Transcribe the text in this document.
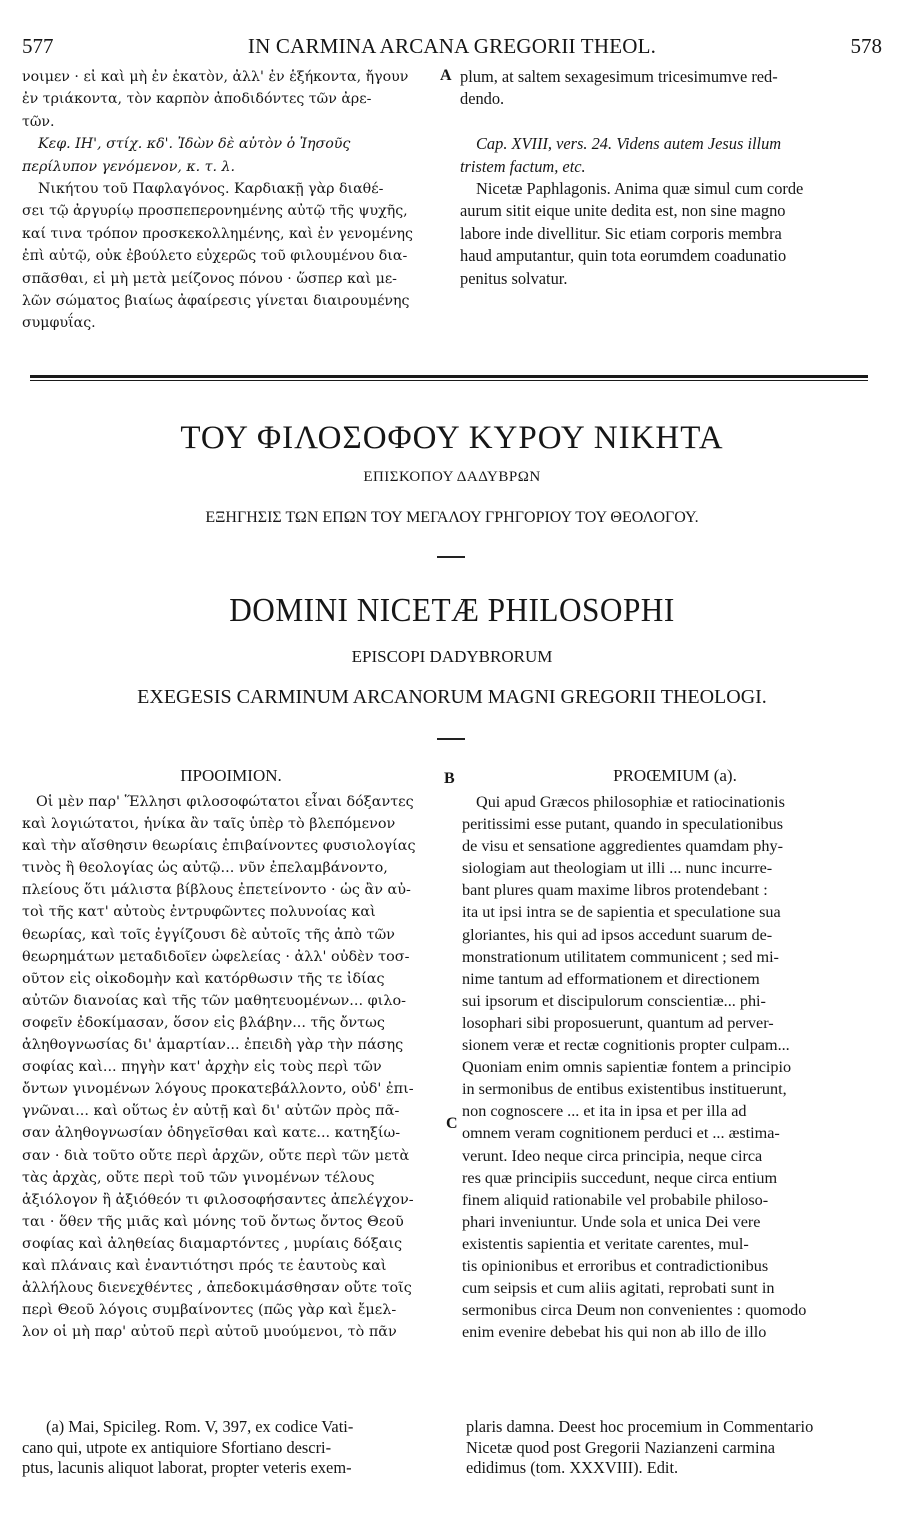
577	IN CARMINA ARCANA GREGORII THEOL.	578

νοιμεν · εἰ καὶ μὴ ἐν ἑκατὸν, ἀλλ' ἐν ἑξήκοντα, ἤγουν

ἐν τριάκοντα, τὸν καρπὸν ἀποδιδόντες τῶν ἀρε-

τῶν.

Κεφ. ΙΗ', στίχ. κδ'. Ἰδὼν δὲ αὐτὸν ὁ Ἰησοῦς

περίλυπον γενόμενον, κ. τ. λ.

Νικήτου τοῦ Παφλαγόνος. Καρδιακῇ γὰρ διαθέ-

σει τῷ ἀργυρίῳ προσπεπερονημένης αὐτῷ τῆς ψυχῆς,

καί τινα τρόπον προσκεκολλημένης, καὶ ἐν γενομένης

ἐπὶ αὐτῷ, οὐκ ἐβούλετο εὐχερῶς τοῦ φιλουμένου δια-

σπᾶσθαι, εἰ μὴ μετὰ μείζονος πόνου · ὥσπερ καὶ με-

λῶν σώματος βιαίως ἀφαίρεσις γίνεται διαιρουμένης

συμφυΐας.

A plum, at saltem sexagesimum tricesimumve red-

dendo.

Cap. XVIII, vers. 24. Videns autem Jesus illum

tristem factum, etc.

Nicetæ Paphlagonis. Anima quæ simul cum corde

aurum sitit eique unite dedita est, non sine magno

labore inde divellitur. Sic etiam corporis membra

haud amputantur, quin tota eorumdem coadunatio

penitus solvatur.

ΤΟΥ ΦΙΛΟΣΟΦΟΥ ΚΥΡΟΥ ΝΙΚΗΤΑ
ΕΠΙΣΚΟΠΟΥ ΔΑΔΥΒΡΩΝ
ΕΞΗΓΗΣΙΣ ΤΩΝ ΕΠΩΝ ΤΟΥ ΜΕΓΑΛΟΥ ΓΡΗΓΟΡΙΟΥ ΤΟΥ ΘΕΟΛΟΓΟΥ.
DOMINI NICETÆ PHILOSOPHI
EPISCOPI DADYBRORUM
EXEGESIS CARMINUM ARCANORUM MAGNI GREGORII THEOLOGI.
ΠΡΟΟΙΜΙΟΝ.	B	PROŒMIUM (a).

Οἱ μὲν παρ' Ἕλλησι φιλοσοφώτατοι εἶναι δόξαντες

καὶ λογιώτατοι, ἡνίκα ἂν ταῖς ὑπὲρ τὸ βλεπόμενον

καὶ τὴν αἴσθησιν θεωρίαις ἐπιβαίνοντες φυσιολογίας

τινὸς ἢ θεολογίας ὡς αὐτῷ... νῦν ἐπελαμβάνοντο,

πλείους ὅτι μάλιστα βίβλους ἐπετείνοντο · ὡς ἂν αὐ-

τοὶ τῆς κατ' αὐτοὺς ἐντρυφῶντες πολυνοίας καὶ

θεωρίας, καὶ τοῖς ἐγγίζουσι δὲ αὐτοῖς τῆς ἀπὸ τῶν

θεωρημάτων μεταδιδοῖεν ὠφελείας · ἀλλ' οὐδὲν τοσ-

οῦτον εἰς οἰκοδομὴν καὶ κατόρθωσιν τῆς τε ἰδίας

αὐτῶν διανοίας καὶ τῆς τῶν μαθητευομένων... φιλο-

σοφεῖν ἐδοκίμασαν, ὅσον εἰς βλάβην... τῆς ὄντως

ἀληθογνωσίας δι' ἁμαρτίαν... ἐπειδὴ γὰρ τὴν πάσης

σοφίας καὶ... πηγὴν κατ' ἀρχὴν εἰς τοὺς περὶ τῶν

ὄντων γινομένων λόγους προκατεβάλλοντο, οὐδ' ἐπι-

γνῶναι... καὶ οὕτως ἐν αὐτῇ καὶ δι' αὐτῶν πρὸς πᾶ-

σαν ἀληθογνωσίαν ὁδηγεῖσθαι καὶ κατε... κατηξίω-

σαν · διὰ τοῦτο οὔτε περὶ ἀρχῶν, οὔτε περὶ τῶν μετὰ

τὰς ἀρχὰς, οὔτε περὶ τοῦ τῶν γινομένων τέλους

ἀξιόλογον ἢ ἀξιόθεόν τι φιλοσοφήσαντες ἀπελέγχον-

ται · ὅθεν τῆς μιᾶς καὶ μόνης τοῦ ὄντως ὄντος Θεοῦ

σοφίας καὶ ἀληθείας διαμαρτόντες , μυρίαις δόξαις

καὶ πλάναις καὶ ἐναντιότησι πρός τε ἑαυτοὺς καὶ

ἀλλήλους διενεχθέντες , ἀπεδοκιμάσθησαν οὔτε τοῖς

περὶ Θεοῦ λόγοις συμβαίνοντες (πῶς γὰρ καὶ ἔμελ-

λον οἱ μὴ παρ' αὐτοῦ περὶ αὐτοῦ μυούμενοι, τὸ πᾶν

C

Qui apud Græcos philosophiæ et ratiocinationis

peritissimi esse putant, quando in speculationibus

de visu et sensatione aggredientes quamdam phy-

siologiam aut theologiam ut illi ... nunc incurre-

bant plures quam maxime libros protendebant :

ita ut ipsi intra se de sapientia et speculatione sua

gloriantes, his qui ad ipsos accedunt suarum de-

monstrationum utilitatem communicent ; sed mi-

nime tantum ad efformationem et directionem

sui ipsorum et discipulorum conscientiæ... phi-

losophari sibi proposuerunt, quantum ad perver-

sionem veræ et rectæ cognitionis propter culpam...

Quoniam enim omnis sapientiæ fontem a principio

in sermonibus de entibus existentibus instituerunt,

non cognoscere ... et ita in ipsa et per illa ad

omnem veram cognitionem perduci et ... æstima-

verunt. Ideo neque circa principia, neque circa

res quæ principiis succedunt, neque circa entium

finem aliquid rationabile vel probabile philoso-

phari inveniuntur. Unde sola et unica Dei vere

existentis sapientia et veritate carentes, mul-

tis opinionibus et erroribus et contradictionibus

cum seipsis et cum aliis agitati, reprobati sunt in

sermonibus circa Deum non convenientes : quomodo

enim evenire debebat his qui non ab illo de illo

(a) Mai, Spicileg. Rom. V, 397, ex codice Vati-
cano qui, utpote ex antiquiore Sfortiano descri-
ptus, lacunis aliquot laborat, propter veteris exem-
plaris damna. Deest hoc procemium in Commentario
Nicetæ quod post Gregorii Nazianzeni carmina
edidimus (tom. XXXVIII). Edit.
